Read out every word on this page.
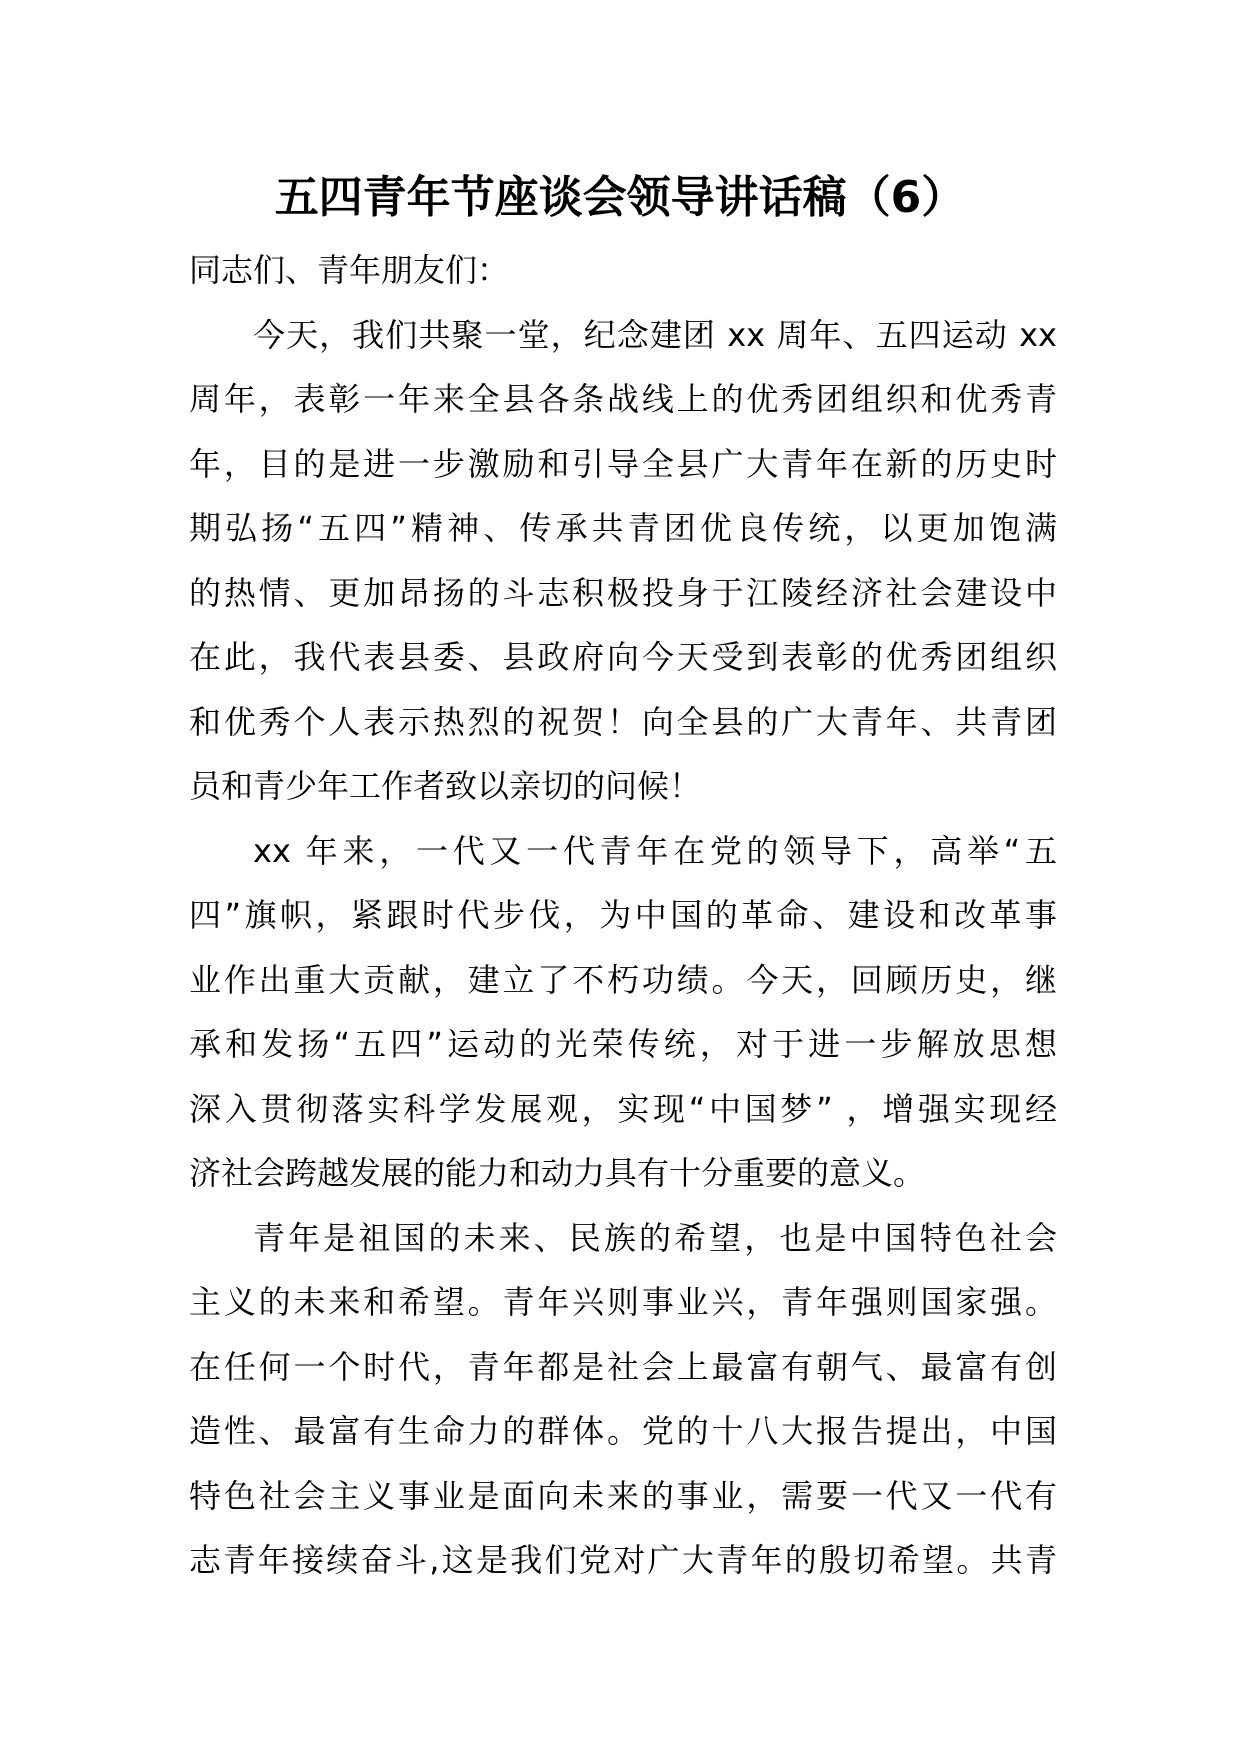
五四青年节座谈会领导讲话稿（6）
同志们、青年朋友们：
今天，我们共聚一堂，纪念建团 xx 周年、五四运动 xx
周年，表彰一年来全县各条战线上的优秀团组织和优秀青
年，目的是进一步激励和引导全县广大青年在新的历史时
期弘扬“五四”精神、传承共青团优良传统，以更加饱满
的热情、更加昂扬的斗志积极投身于江陵经济社会建设中
在此，我代表县委、县政府向今天受到表彰的优秀团组织
和优秀个人表示热烈的祝贺！向全县的广大青年、共青团
员和青少年工作者致以亲切的问候！
xx 年来，一代又一代青年在党的领导下，高举“五
四”旗帜，紧跟时代步伐，为中国的革命、建设和改革事
业作出重大贡献，建立了不朽功绩。今天，回顾历史，继
承和发扬“五四”运动的光荣传统，对于进一步解放思想
深入贯彻落实科学发展观，实现“中国梦” ，增强实现经
济社会跨越发展的能力和动力具有十分重要的意义。
青年是祖国的未来、民族的希望，也是中国特色社会
主义的未来和希望。青年兴则事业兴，青年强则国家强。
在任何一个时代，青年都是社会上最富有朝气、最富有创
造性、最富有生命力的群体。党的十八大报告提出，中国
特色社会主义事业是面向未来的事业，需要一代又一代有
志青年接续奋斗,这是我们党对广大青年的殷切希望。共青
